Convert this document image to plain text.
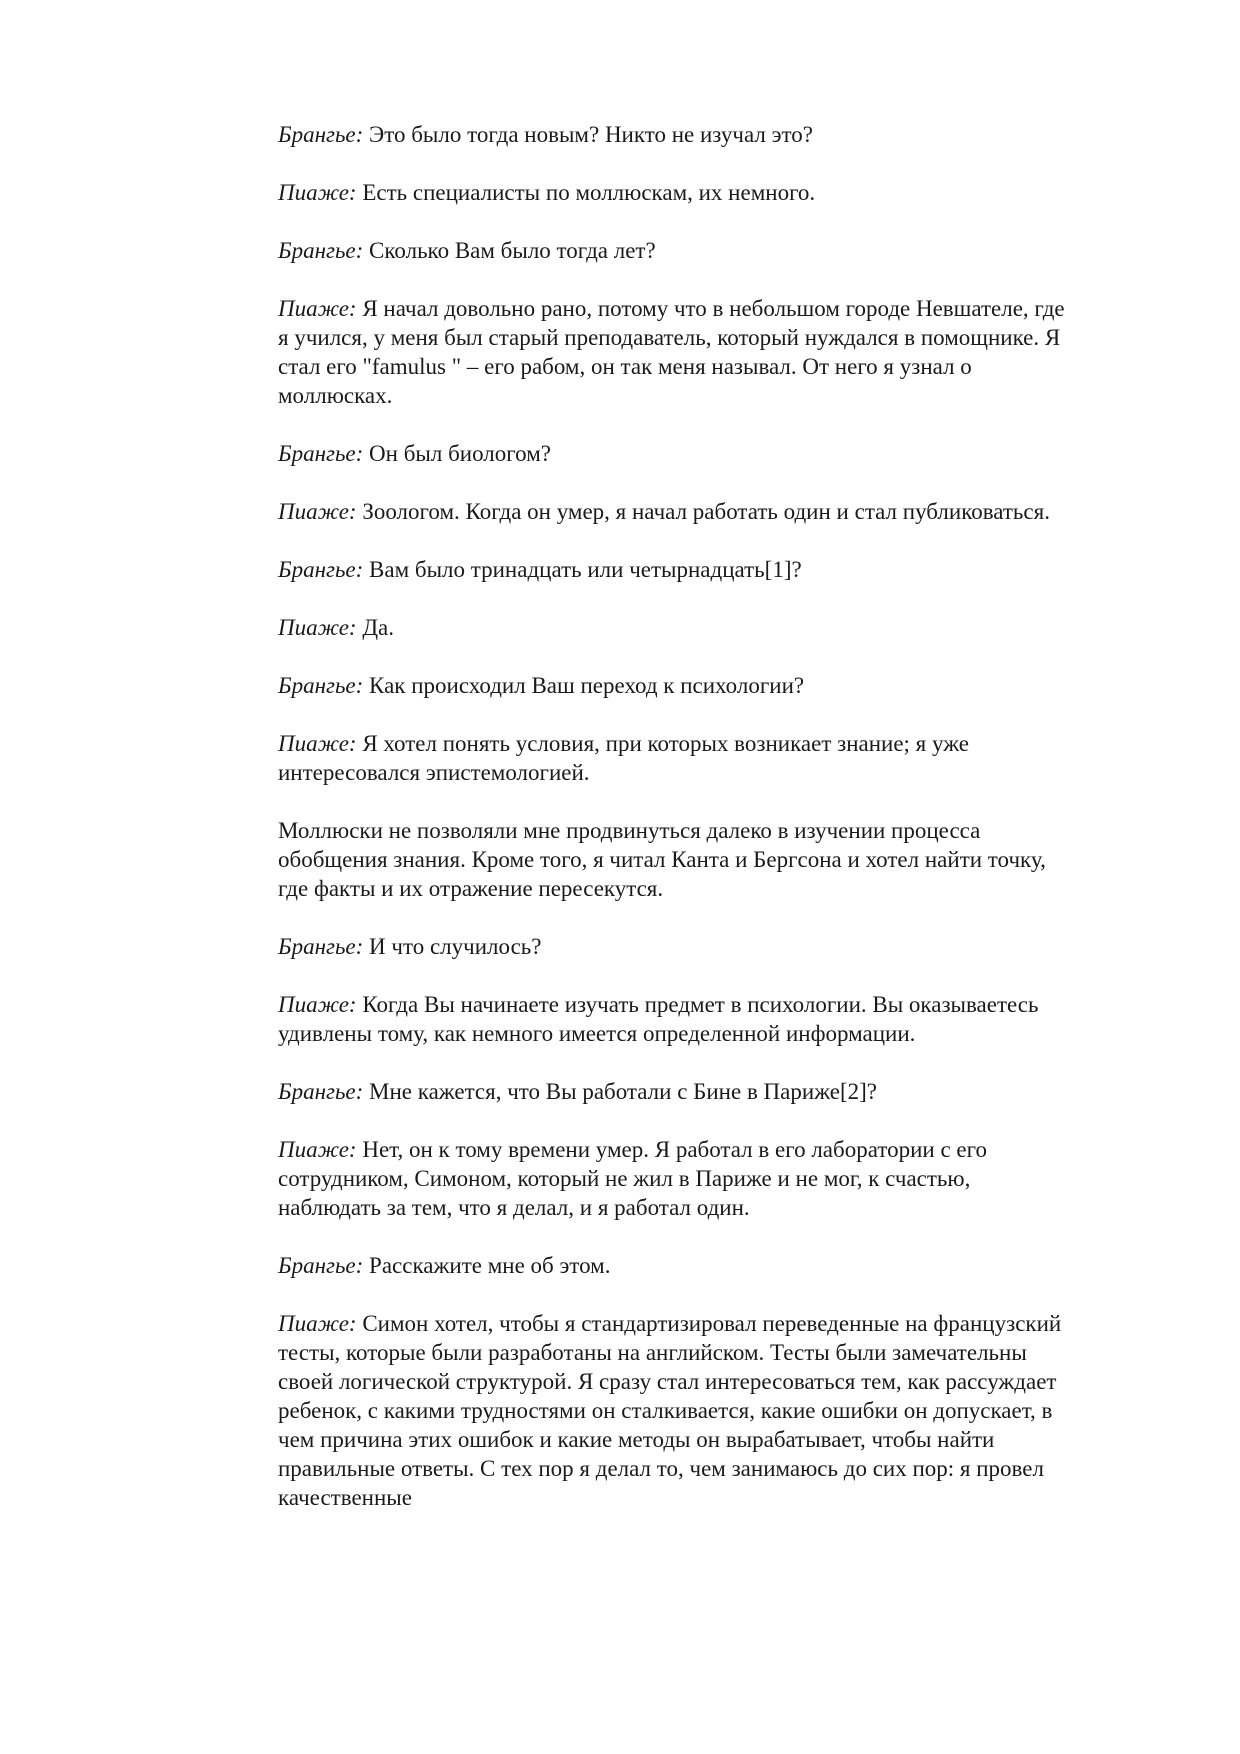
Брангье: Это было тогда новым? Никто не изучал это?

Пиаже: Есть специалисты по моллюскам, их немного.

Брангье: Сколько Вам было тогда лет?

Пиаже: Я начал довольно рано, потому что в небольшом городе Невшателе, где я учился, у меня был старый преподаватель, который нуждался в помощнике. Я стал его "famulus " – его рабом, он так меня называл. От него я узнал о моллюсках.

Брангье: Он был биологом?

Пиаже: Зоологом. Когда он умер, я начал работать один и стал публиковаться.

Брангье: Вам было тринадцать или четырнадцать[1]?

Пиаже: Да.

Брангье: Как происходил Ваш переход к психологии?

Пиаже: Я хотел понять условия, при которых возникает знание; я уже интересовался эпистемологией.

Моллюски не позволяли мне продвинуться далеко в изучении процесса обобщения знания. Кроме того, я читал Канта и Бергсона и хотел найти точку, где факты и их отражение пересекутся.

Брангье: И что случилось?

Пиаже: Когда Вы начинаете изучать предмет в психологии. Вы оказываетесь удивлены тому, как немного имеется определенной информации.

Брангье: Мне кажется, что Вы работали с Бине в Париже[2]?

Пиаже: Нет, он к тому времени умер. Я работал в его лаборатории с его сотрудником, Симоном, который не жил в Париже и не мог, к счастью, наблюдать за тем, что я делал, и я работал один.

Брангье: Расскажите мне об этом.

Пиаже: Симон хотел, чтобы я стандартизировал переведенные на французский тесты, которые были разработаны на английском. Тесты были замечательны своей логической структурой. Я сразу стал интересоваться тем, как рассуждает ребенок, с какими трудностями он сталкивается, какие ошибки он допускает, в чем причина этих ошибок и какие методы он вырабатывает, чтобы найти правильные ответы. С тех пор я делал то, чем занимаюсь до сих пор: я провел качественные
